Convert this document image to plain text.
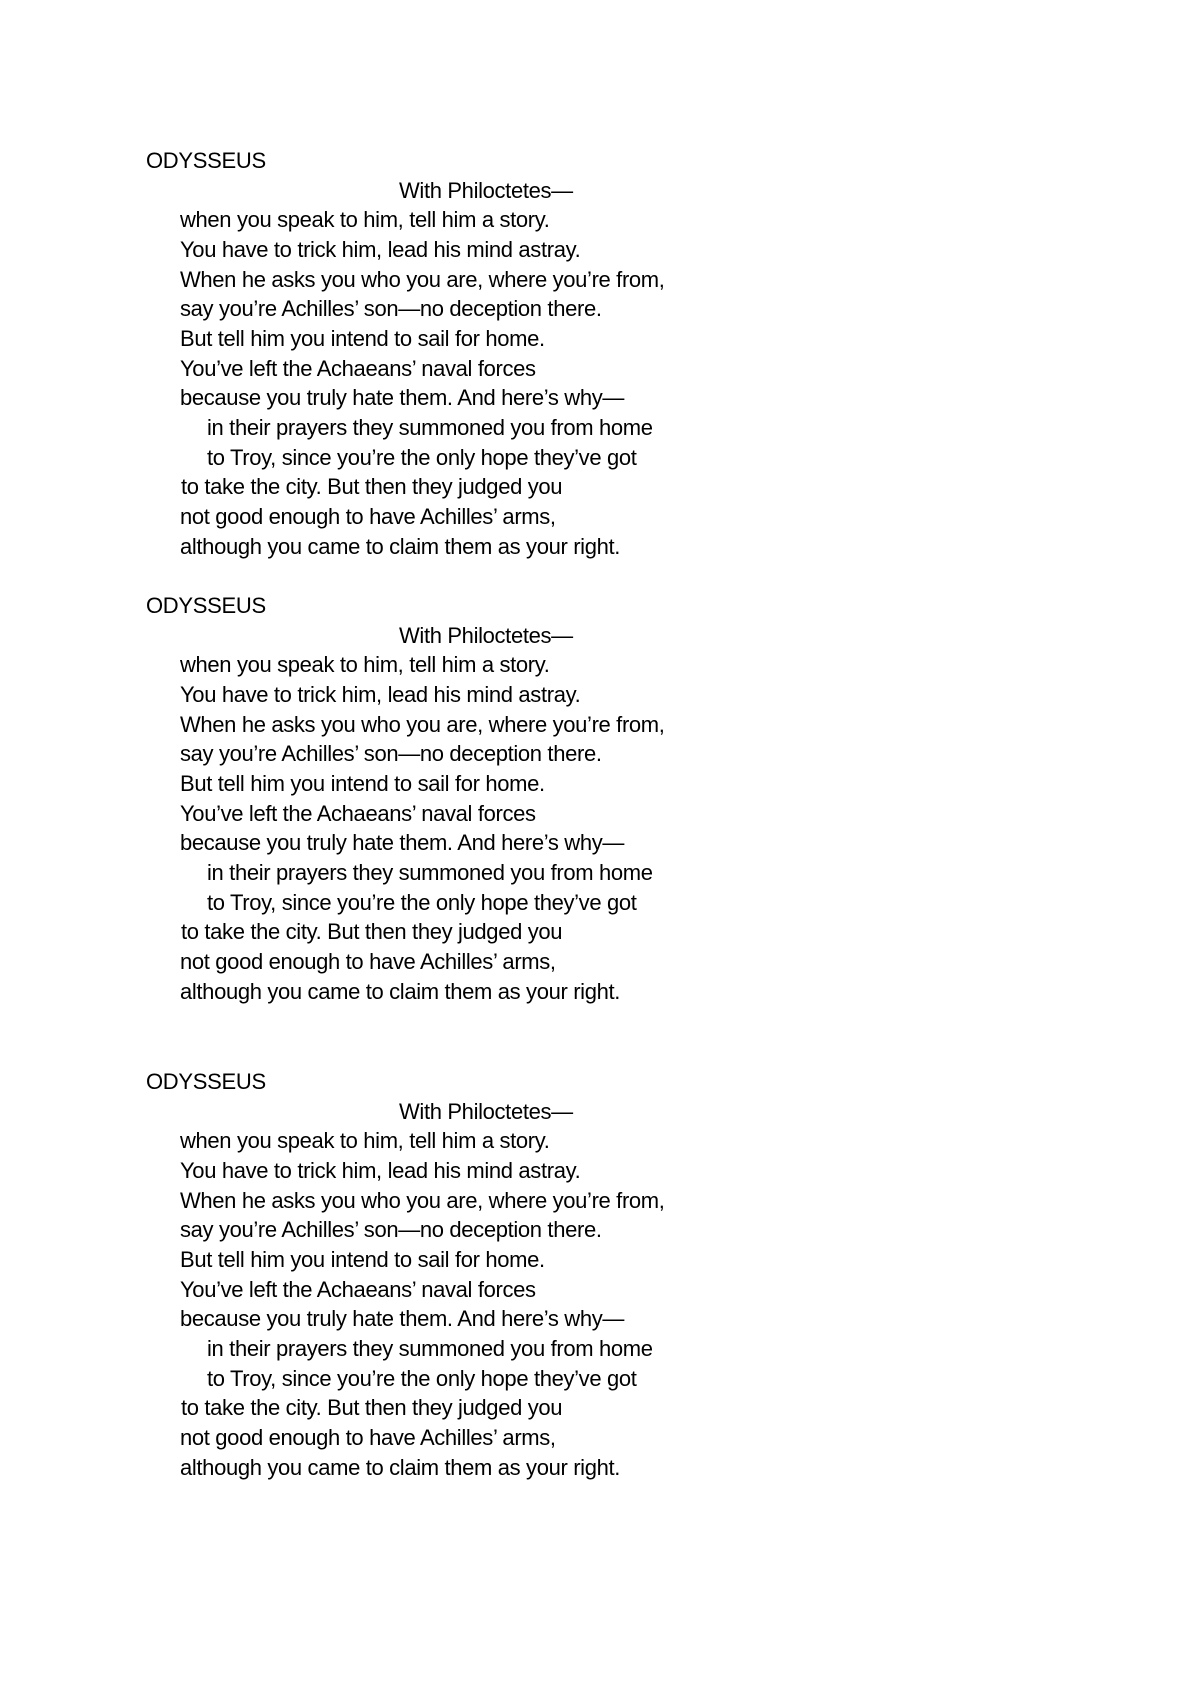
ODYSSEUS
With Philoctetes—
when you speak to him, tell him a story.
You have to trick him, lead his mind astray.
When he asks you who you are, where you’re from,
say you’re Achilles’ son—no deception there.
But tell him you intend to sail for home.
You’ve left the Achaeans’ naval forces
because you truly hate them. And here’s why—
in their prayers they summoned you from home
to Troy, since you’re the only hope they’ve got
to take the city. But then they judged you
not good enough to have Achilles’ arms,
although you came to claim them as your right.
ODYSSEUS
With Philoctetes—
when you speak to him, tell him a story.
You have to trick him, lead his mind astray.
When he asks you who you are, where you’re from,
say you’re Achilles’ son—no deception there.
But tell him you intend to sail for home.
You’ve left the Achaeans’ naval forces
because you truly hate them. And here’s why—
in their prayers they summoned you from home
to Troy, since you’re the only hope they’ve got
to take the city. But then they judged you
not good enough to have Achilles’ arms,
although you came to claim them as your right.
ODYSSEUS
With Philoctetes—
when you speak to him, tell him a story.
You have to trick him, lead his mind astray.
When he asks you who you are, where you’re from,
say you’re Achilles’ son—no deception there.
But tell him you intend to sail for home.
You’ve left the Achaeans’ naval forces
because you truly hate them. And here’s why—
in their prayers they summoned you from home
to Troy, since you’re the only hope they’ve got
to take the city. But then they judged you
not good enough to have Achilles’ arms,
although you came to claim them as your right.
